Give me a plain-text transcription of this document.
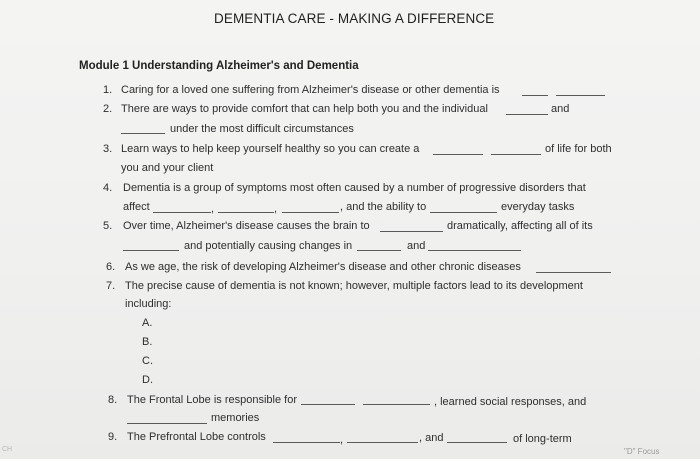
DEMENTIA CARE - MAKING A DIFFERENCE
Module 1 Understanding Alzheimer's and Dementia
1. Caring for a loved one suffering from Alzheimer's disease or other dementia is
2. There are ways to provide comfort that can help both you and the individual	and
under the most difficult circumstances
3. Learn ways to help keep yourself healthy so you can create a	of life for both
you and your client
4. Dementia is a group of symptoms most often caused by a number of progressive disorders that
affect	,	,	, and the ability to	everyday tasks
5. Over time, Alzheimer's disease causes the brain to	dramatically, affecting all of its
and potentially causing changes in	and
6. As we age, the risk of developing Alzheimer's disease and other chronic diseases
7. The precise cause of dementia is not known; however, multiple factors lead to its development
including:
A.
B.
C.
D.
8. The Frontal Lobe is responsible for	, learned social responses, and
memories
9. The Prefrontal Lobe controls	,	, and	of long-term
CH	"D" Focus
